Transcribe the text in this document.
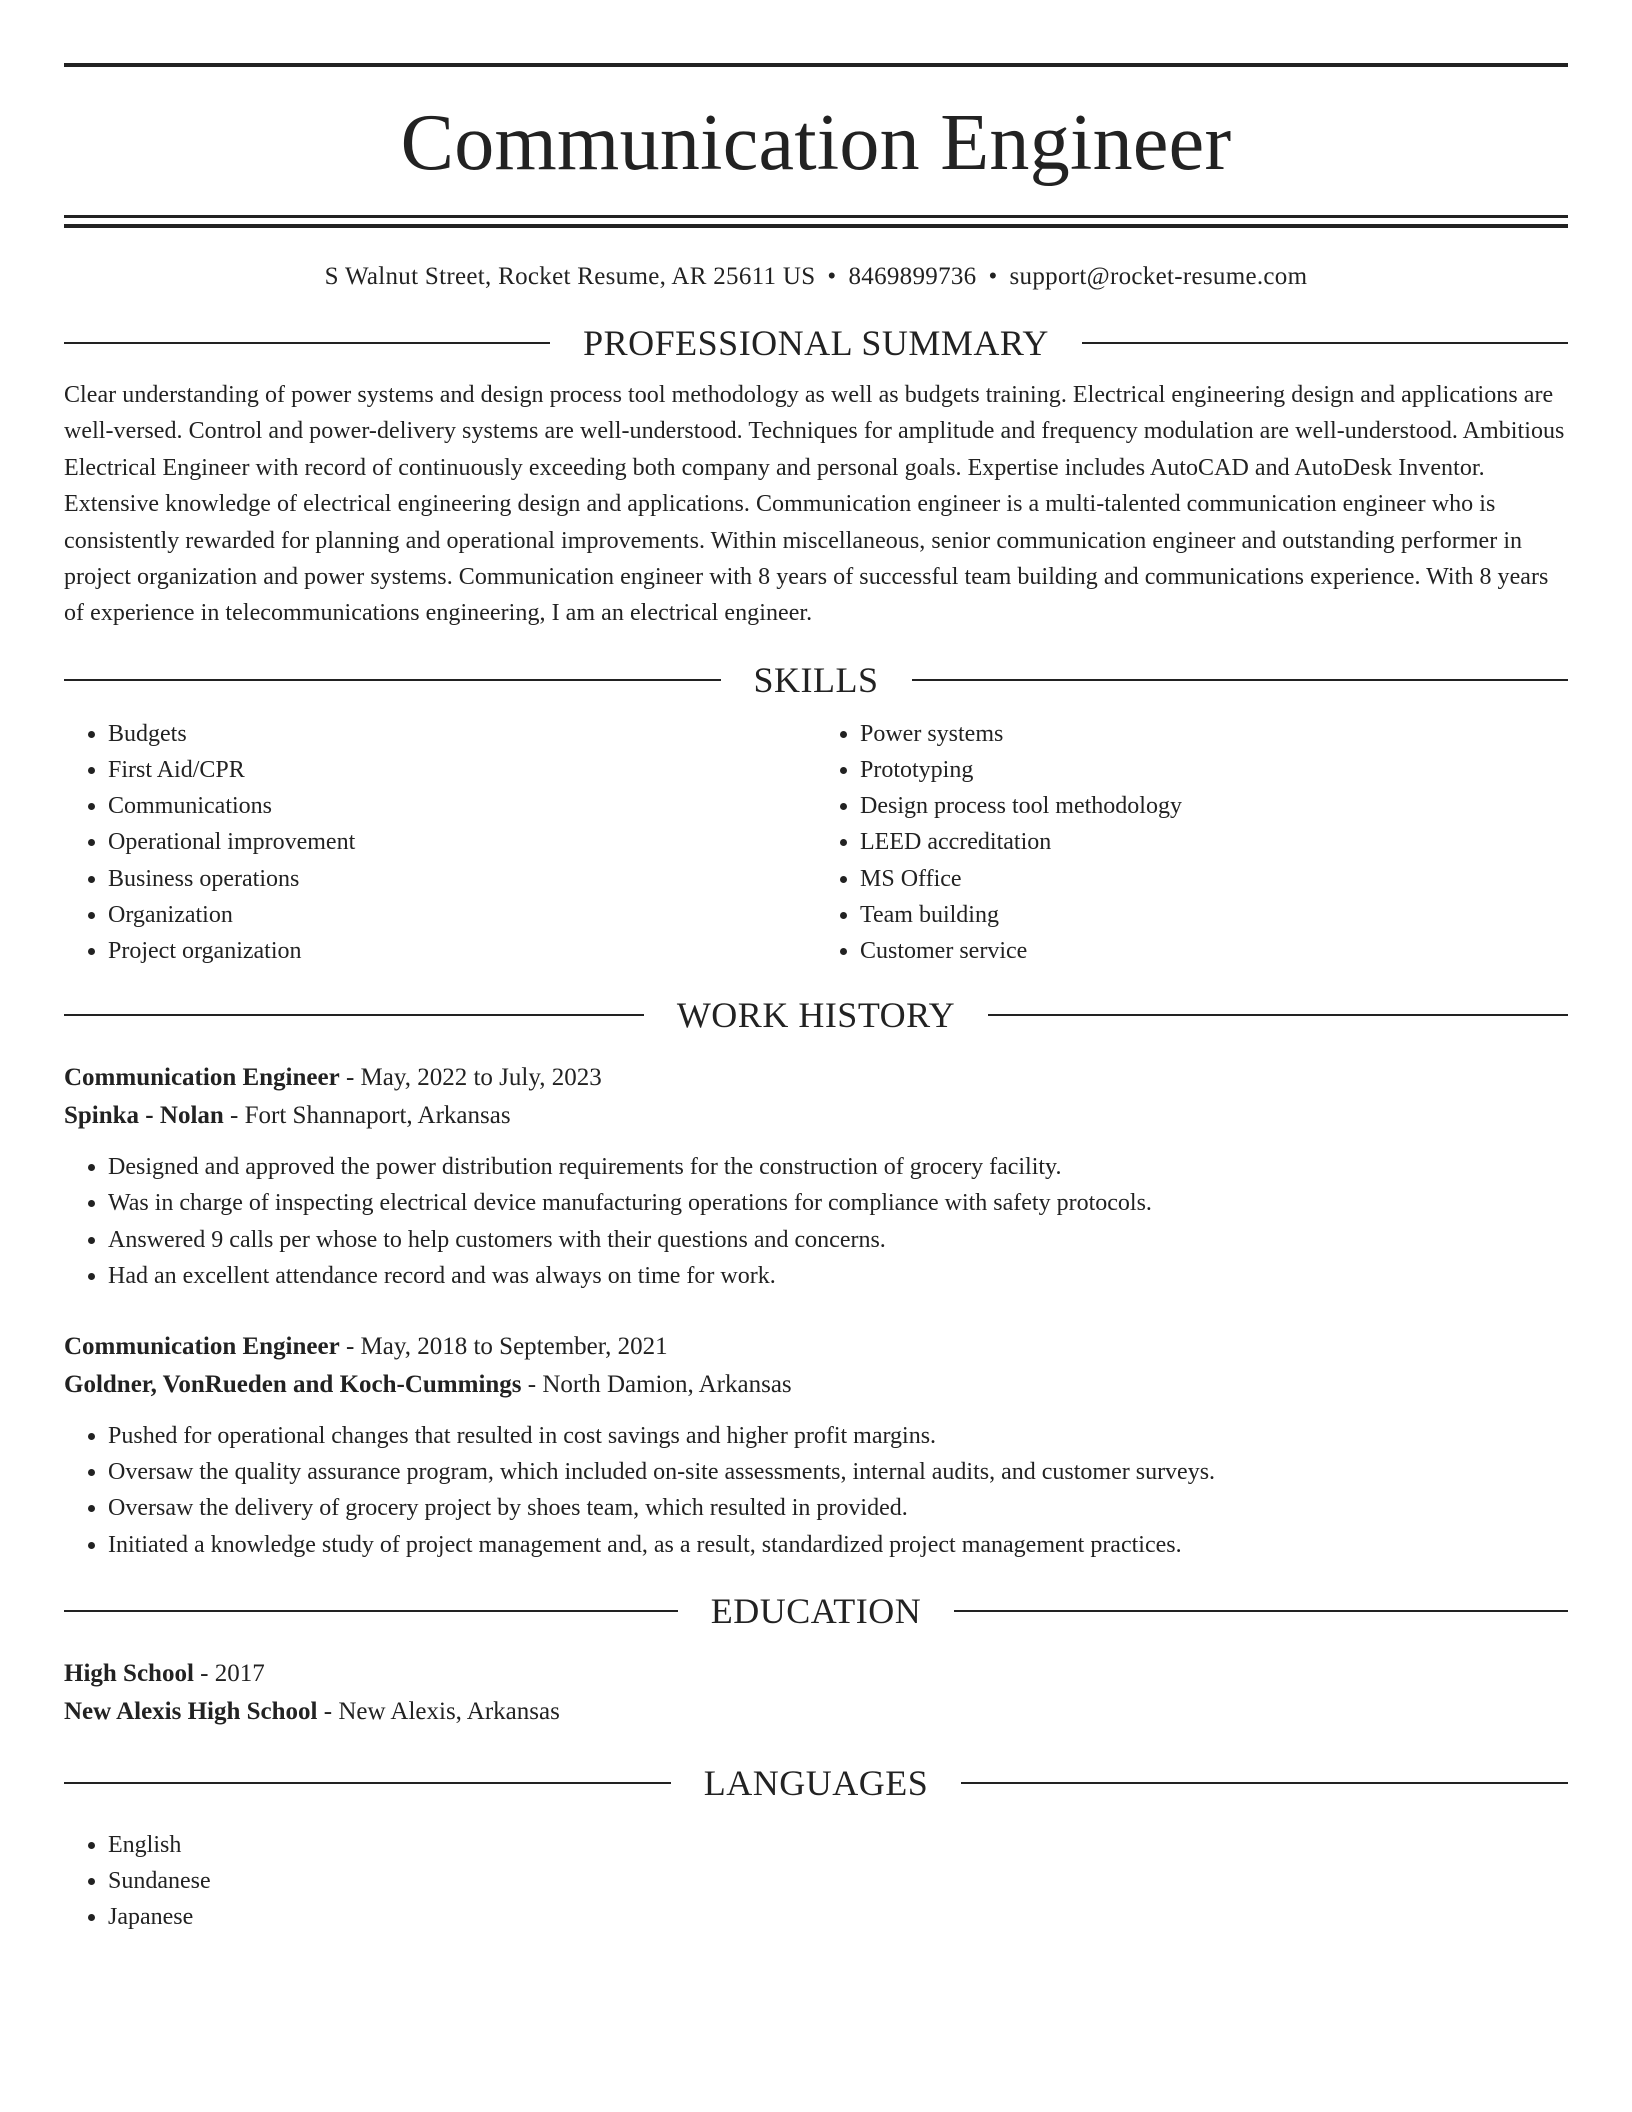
Communication Engineer
S Walnut Street, Rocket Resume, AR 25611 US • 8469899736 • support@rocket-resume.com
PROFESSIONAL SUMMARY
Clear understanding of power systems and design process tool methodology as well as budgets training. Electrical engineering design and applications are well-versed. Control and power-delivery systems are well-understood. Techniques for amplitude and frequency modulation are well-understood. Ambitious Electrical Engineer with record of continuously exceeding both company and personal goals. Expertise includes AutoCAD and AutoDesk Inventor. Extensive knowledge of electrical engineering design and applications. Communication engineer is a multi-talented communication engineer who is consistently rewarded for planning and operational improvements. Within miscellaneous, senior communication engineer and outstanding performer in project organization and power systems. Communication engineer with 8 years of successful team building and communications experience. With 8 years of experience in telecommunications engineering, I am an electrical engineer.
SKILLS
• Budgets
• First Aid/CPR
• Communications
• Operational improvement
• Business operations
• Organization
• Project organization
• Power systems
• Prototyping
• Design process tool methodology
• LEED accreditation
• MS Office
• Team building
• Customer service
WORK HISTORY
Communication Engineer - May, 2022 to July, 2023
Spinka - Nolan - Fort Shannaport, Arkansas
• Designed and approved the power distribution requirements for the construction of grocery facility.
• Was in charge of inspecting electrical device manufacturing operations for compliance with safety protocols.
• Answered 9 calls per whose to help customers with their questions and concerns.
• Had an excellent attendance record and was always on time for work.
Communication Engineer - May, 2018 to September, 2021
Goldner, VonRueden and Koch-Cummings - North Damion, Arkansas
• Pushed for operational changes that resulted in cost savings and higher profit margins.
• Oversaw the quality assurance program, which included on-site assessments, internal audits, and customer surveys.
• Oversaw the delivery of grocery project by shoes team, which resulted in provided.
• Initiated a knowledge study of project management and, as a result, standardized project management practices.
EDUCATION
High School - 2017
New Alexis High School - New Alexis, Arkansas
LANGUAGES
• English
• Sundanese
• Japanese
